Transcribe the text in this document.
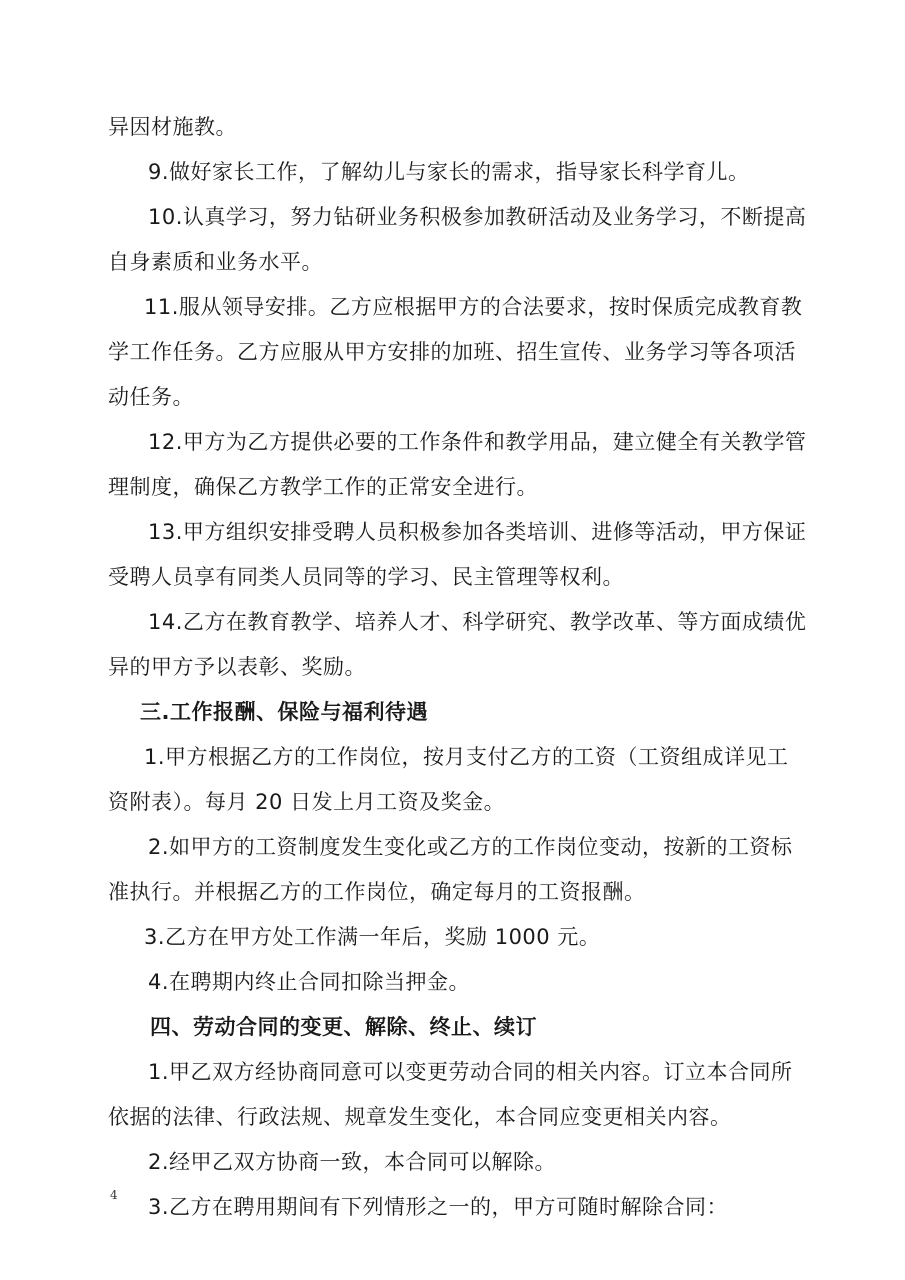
异因材施教。

9.做好家长工作，了解幼儿与家长的需求，指导家长科学育儿。

10.认真学习，努力钻研业务积极参加教研活动及业务学习，不断提高自身素质和业务水平。

11.服从领导安排。乙方应根据甲方的合法要求，按时保质完成教育教学工作任务。乙方应服从甲方安排的加班、招生宣传、业务学习等各项活动任务。

12.甲方为乙方提供必要的工作条件和教学用品，建立健全有关教学管理制度，确保乙方教学工作的正常安全进行。

13.甲方组织安排受聘人员积极参加各类培训、进修等活动，甲方保证受聘人员享有同类人员同等的学习、民主管理等权利。

14.乙方在教育教学、培养人才、科学研究、教学改革、等方面成绩优异的甲方予以表彰、奖励。

三.工作报酬、保险与福利待遇

1.甲方根据乙方的工作岗位，按月支付乙方的工资（工资组成详见工资附表）。每月 20 日发上月工资及奖金。

2.如甲方的工资制度发生变化或乙方的工作岗位变动，按新的工资标准执行。并根据乙方的工作岗位，确定每月的工资报酬。

3.乙方在甲方处工作满一年后，奖励 1000 元。

4.在聘期内终止合同扣除当押金。

四、劳动合同的变更、解除、终止、续订

1.甲乙双方经协商同意可以变更劳动合同的相关内容。订立本合同所依据的法律、行政法规、规章发生变化，本合同应变更相关内容。

2.经甲乙双方协商一致，本合同可以解除。

3.乙方在聘用期间有下列情形之一的，甲方可随时解除合同：

4
